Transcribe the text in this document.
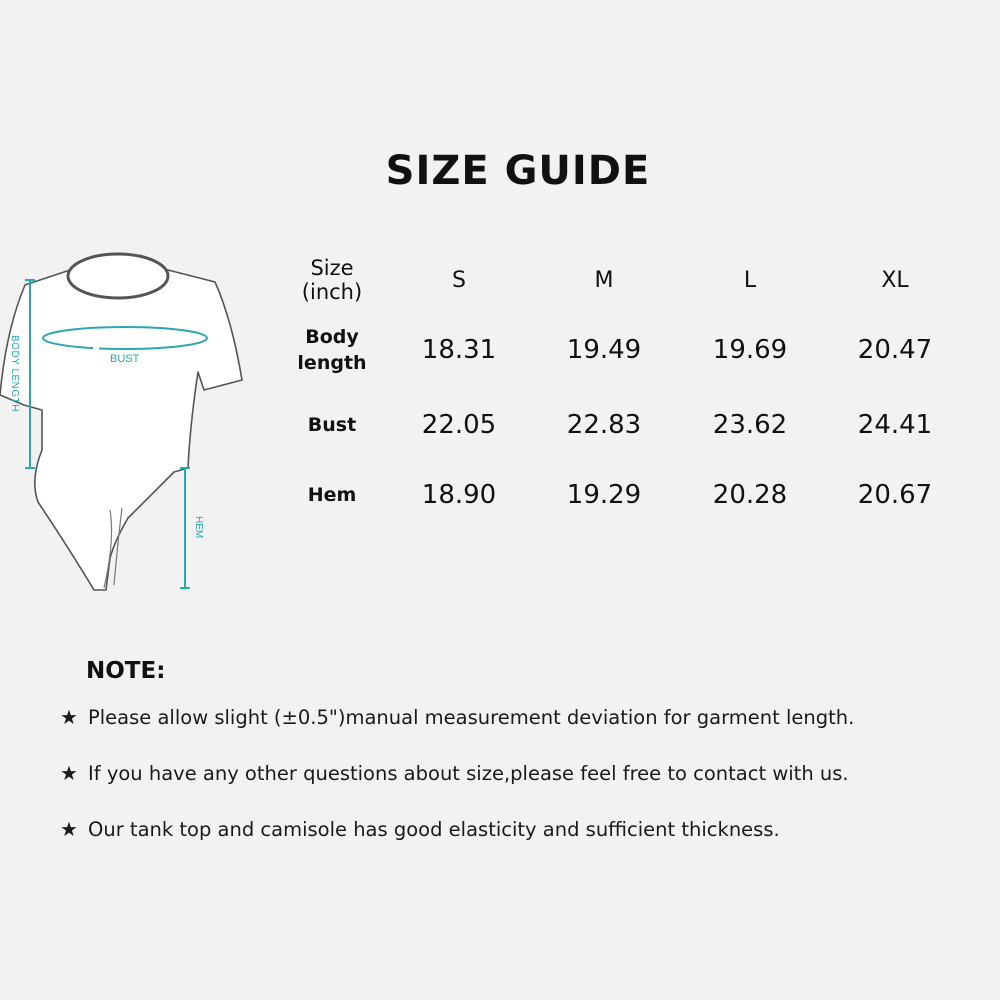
SIZE GUIDE
BODY LENGTH	BUST
HEM
Size
(inch)	S	M	L	XL
Body
length	18.31	19.49	19.69	20.47
Bust	22.05	22.83	23.62	24.41
Hem	18.90	19.29	20.28	20.67
NOTE:
★ Please allow slight (±0.5")manual measurement deviation for garment length.
★ If you have any other questions about size,please feel free to contact with us.
★ Our tank top and camisole has good elasticity and sufficient thickness.
